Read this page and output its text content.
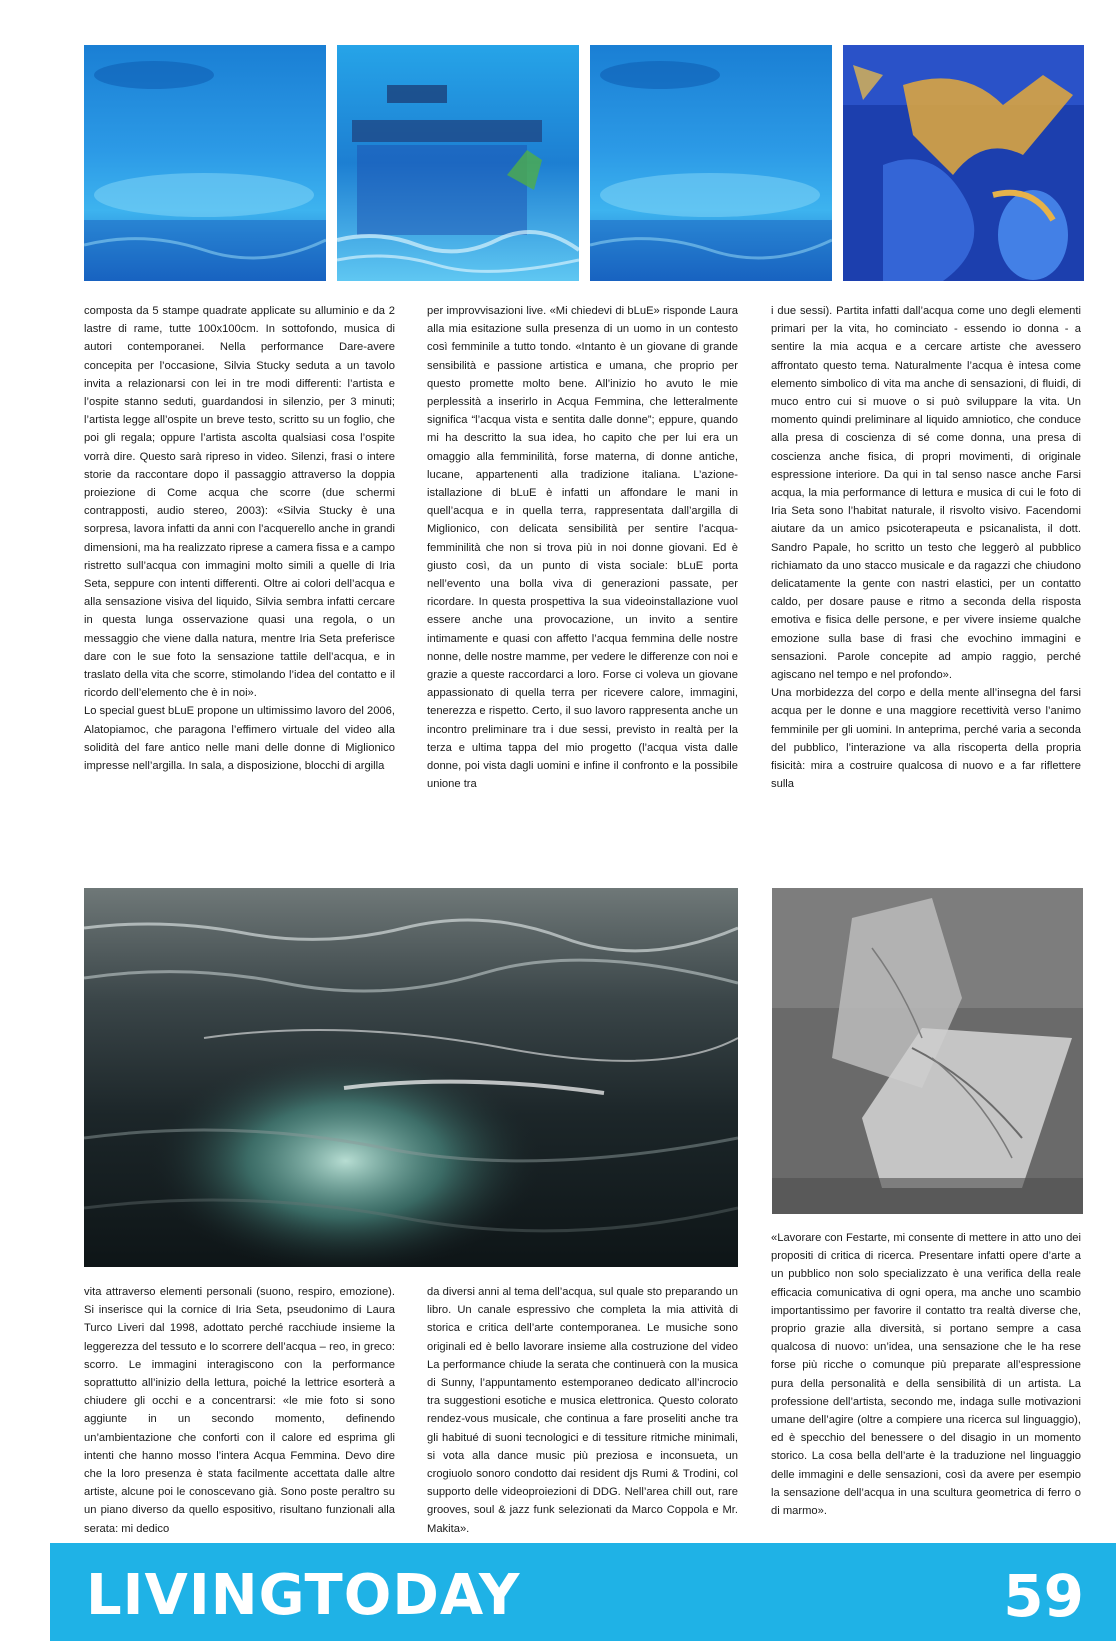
composta da 5 stampe quadrate applicate su alluminio e da 2 lastre di rame, tutte 100x100cm. In sottofondo, musica di autori contemporanei. Nella performance Dare-avere concepita per l’occasione, Silvia Stucky seduta a un tavolo invita a relazionarsi con lei in tre modi differenti: l’artista e l’ospite stanno seduti, guardandosi in silenzio, per 3 minuti; l’artista legge all’ospite un breve testo, scritto su un foglio, che poi gli regala; oppure l’artista ascolta qualsiasi cosa l’ospite vorrà dire. Questo sarà ripreso in video. Silenzi, frasi o intere storie da raccontare dopo il passaggio attraverso la doppia proiezione di Come acqua che scorre (due schermi contrapposti, audio stereo, 2003): «Silvia Stucky è una sorpresa, lavora infatti da anni con l’acquerello anche in grandi dimensioni, ma ha realizzato riprese a camera fissa e a campo ristretto sull’acqua con immagini molto simili a quelle di Iria Seta, seppure con intenti differenti. Oltre ai colori dell’acqua e alla sensazione visiva del liquido, Silvia sembra infatti cercare in questa lunga osservazione quasi una regola, o un messaggio che viene dalla natura, mentre Iria Seta preferisce dare con le sue foto la sensazione tattile dell’acqua, e in traslato della vita che scorre, stimolando l’idea del contatto e il ricordo dell’elemento che è in noi».

Lo special guest bLuE propone un ultimissimo lavoro del 2006, Alatopiamoc, che paragona l’effimero virtuale del video alla solidità del fare antico nelle mani delle donne di Miglionico impresse nell’argilla. In sala, a disposizione, blocchi di argilla

per improvvisazioni live. «Mi chiedevi di bLuE» risponde Laura alla mia esitazione sulla presenza di un uomo in un contesto così femminile a tutto tondo. «Intanto è un giovane di grande sensibilità e passione artistica e umana, che proprio per questo promette molto bene. All’inizio ho avuto le mie perplessità a inserirlo in Acqua Femmina, che letteralmente significa “l’acqua vista e sentita dalle donne”; eppure, quando mi ha descritto la sua idea, ho capito che per lui era un omaggio alla femminilità, forse materna, di donne antiche, lucane, appartenenti alla tradizione italiana. L’azione-istallazione di bLuE è infatti un affondare le mani in quell’acqua e in quella terra, rappresentata dall’argilla di Miglionico, con delicata sensibilità per sentire l’acqua-femminilità che non si trova più in noi donne giovani. Ed è giusto così, da un punto di vista sociale: bLuE porta nell’evento una bolla viva di generazioni passate, per ricordare. In questa prospettiva la sua videoinstallazione vuol essere anche una provocazione, un invito a sentire intimamente e quasi con affetto l’acqua femmina delle nostre nonne, delle nostre mamme, per vedere le differenze con noi e grazie a queste raccordarci a loro. Forse ci voleva un giovane appassionato di quella terra per ricevere calore, immagini, tenerezza e rispetto. Certo, il suo lavoro rappresenta anche un incontro preliminare tra i due sessi, previsto in realtà per la terza e ultima tappa del mio progetto (l’acqua vista dalle donne, poi vista dagli uomini e infine il confronto e la possibile unione tra

i due sessi). Partita infatti dall’acqua come uno degli elementi primari per la vita, ho cominciato - essendo io donna - a sentire la mia acqua e a cercare artiste che avessero affrontato questo tema. Naturalmente l’acqua è intesa come elemento simbolico di vita ma anche di sensazioni, di fluidi, di muco entro cui si muove o si può sviluppare la vita. Un momento quindi preliminare al liquido amniotico, che conduce alla presa di coscienza di sé come donna, una presa di coscienza anche fisica, di propri movimenti, di originale espressione interiore. Da qui in tal senso nasce anche Farsi acqua, la mia performance di lettura e musica di cui le foto di Iria Seta sono l’habitat naturale, il risvolto visivo. Facendomi aiutare da un amico psicoterapeuta e psicanalista, il dott. Sandro Papale, ho scritto un testo che leggerò al pubblico richiamato da uno stacco musicale e da ragazzi che chiudono delicatamente la gente con nastri elastici, per un contatto caldo, per dosare pause e ritmo a seconda della risposta emotiva e fisica delle persone, e per vivere insieme qualche emozione sulla base di frasi che evochino immagini e sensazioni. Parole concepite ad ampio raggio, perché agiscano nel tempo e nel profondo».

Una morbidezza del corpo e della mente all’insegna del farsi acqua per le donne e una maggiore recettività verso l’animo femminile per gli uomini. In anteprima, perché varia a seconda del pubblico, l’interazione va alla riscoperta della propria fisicità: mira a costruire qualcosa di nuovo e a far riflettere sulla

vita attraverso elementi personali (suono, respiro, emozione). Si inserisce qui la cornice di Iria Seta, pseudonimo di Laura Turco Liveri dal 1998, adottato perché racchiude insieme la leggerezza del tessuto e lo scorrere dell’acqua – reo, in greco: scorro. Le immagini interagiscono con la performance soprattutto all’inizio della lettura, poiché la lettrice esorterà a chiudere gli occhi e a concentrarsi: «le mie foto si sono aggiunte in un secondo momento, definendo un’ambientazione che conforti con il calore ed esprima gli intenti che hanno mosso l’intera Acqua Femmina. Devo dire che la loro presenza è stata facilmente accettata dalle altre artiste, alcune poi le conoscevano già. Sono poste peraltro su un piano diverso da quello espositivo, risultano funzionali alla serata: mi dedico

da diversi anni al tema dell’acqua, sul quale sto preparando un libro. Un canale espressivo che completa la mia attività di storica e critica dell’arte contemporanea. Le musiche sono originali ed è bello lavorare insieme alla costruzione del video La performance chiude la serata che continuerà con la musica di Sunny, l’appuntamento estemporaneo dedicato all’incrocio tra suggestioni esotiche e musica elettronica. Questo colorato rendez-vous musicale, che continua a fare proseliti anche tra gli habitué di suoni tecnologici e di tessiture ritmiche minimali, si vota alla dance music più preziosa e inconsueta, un crogiuolo sonoro condotto dai resident djs Rumi & Trodini, col supporto delle videoproiezioni di DDG. Nell’area chill out, rare grooves, soul & jazz funk selezionati da Marco Coppola e Mr. Makita».

«Lavorare con Festarte, mi consente di mettere in atto uno dei propositi di critica di ricerca. Presentare infatti opere d’arte a un pubblico non solo specializzato è una verifica della reale efficacia comunicativa di ogni opera, ma anche uno scambio importantissimo per favorire il contatto tra realtà diverse che, proprio grazie alla diversità, si portano sempre a casa qualcosa di nuovo: un’idea, una sensazione che le ha rese forse più ricche o comunque più preparate all’espressione pura della personalità e della sensibilità di un artista. La professione dell’artista, secondo me, indaga sulle motivazioni umane dell’agire (oltre a compiere una ricerca sul linguaggio), ed è specchio del benessere o del disagio in un momento storico. La cosa bella dell’arte è la traduzione nel linguaggio delle immagini e delle sensazioni, così da avere per esempio la sensazione dell’acqua in una scultura geometrica di ferro o di marmo».

LIVINGTODAY	59
